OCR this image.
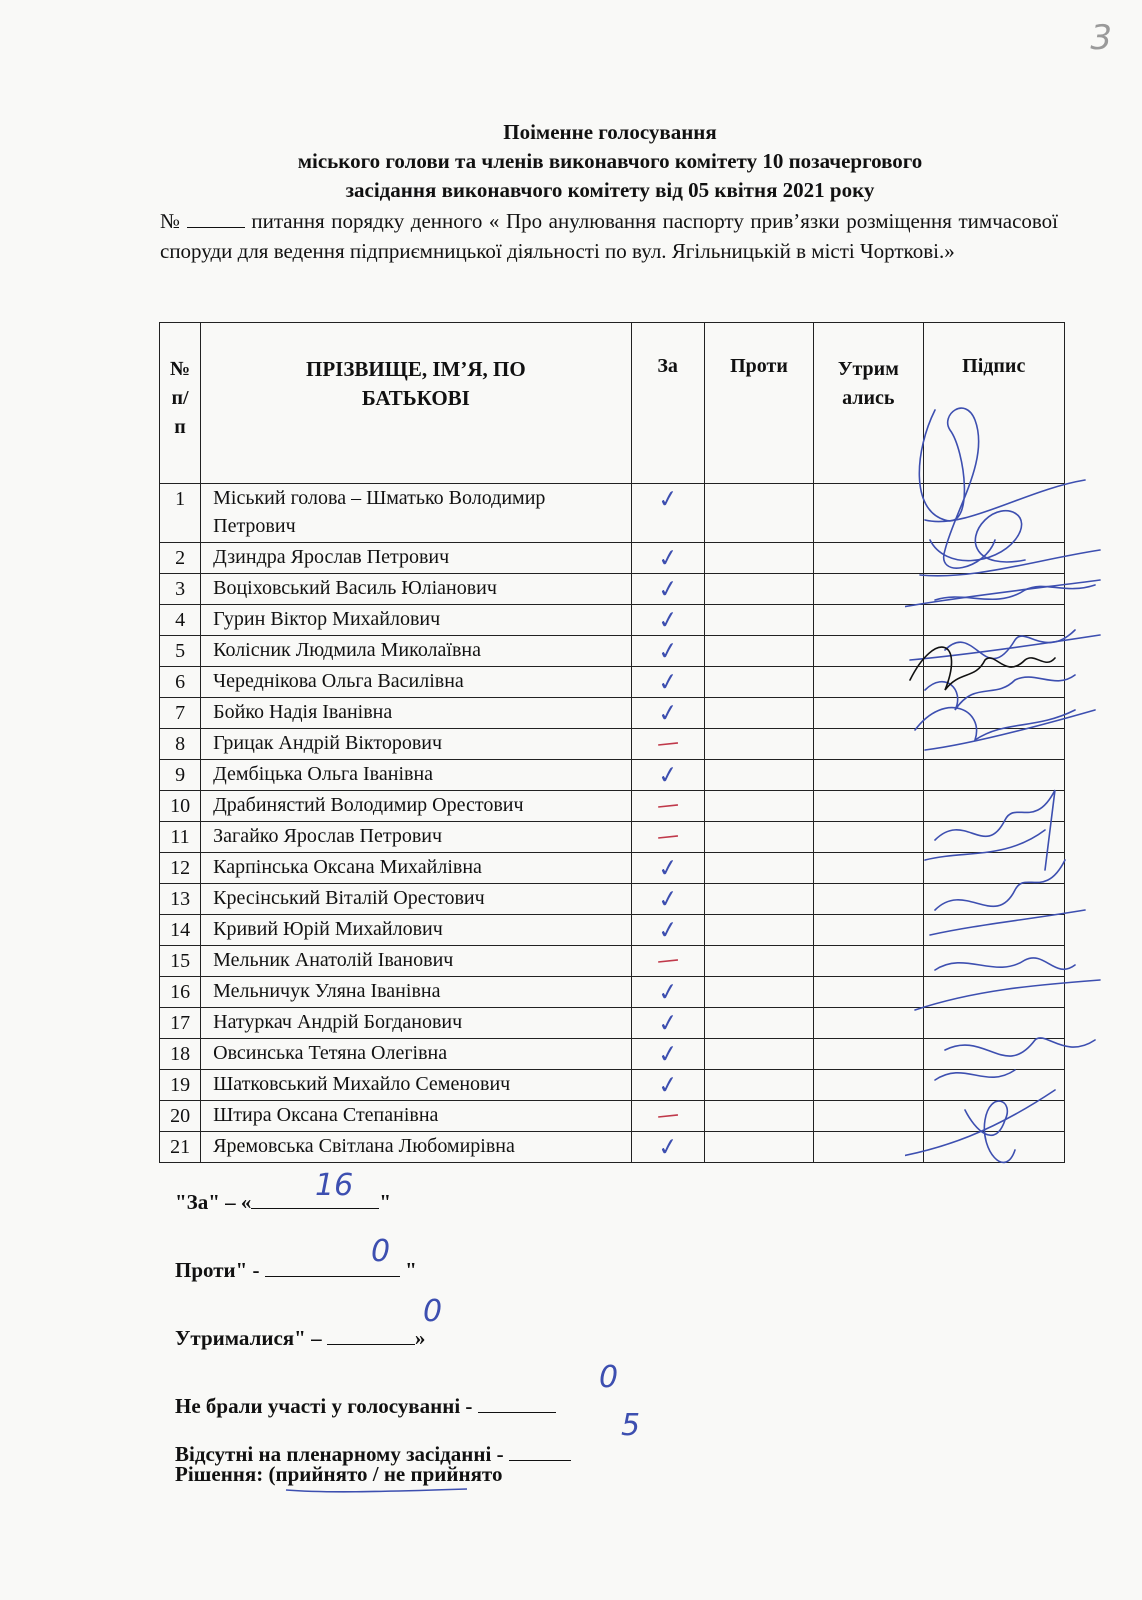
3
Поіменне голосування
міського голови та членів виконавчого комітету 10 позачергового
засідання виконавчого комітету від 05 квітня 2021 року
№	питання порядку денного « Про анулювання паспорту прив’язки розміщення тимчасової споруди для ведення підприємницької діяльності по вул. Ягільницькій в місті Чорткові.»
№ п/п	ПРІЗВИЩЕ, ІМ’Я, ПО БАТЬКОВІ	За	Проти	Утрим ались	Підпис
1	Міський голова – Шматько Володимир Петрович	✓			

2	Дзиндра Ярослав Петрович	✓			

3	Воціховський Василь Юліанович	✓			

4	Гурин Віктор Михайлович	✓			

5	Колісник Людмила Миколаївна	✓			

6	Череднікова Ольга Василівна	✓			

7	Бойко Надія Іванівна	✓			

8	Грицак Андрій Вікторович	—			

9	Дембіцька Ольга Іванівна	✓			

10	Драбинястий Володимир Орестович	—			

11	Загайко Ярослав Петрович	—			

12	Карпінська Оксана Михайлівна	✓			

13	Кресінський Віталій Орестович	✓			

14	Кривий Юрій Михайлович	✓			

15	Мельник Анатолій Іванович	—			

16	Мельничук Уляна Іванівна	✓			

17	Натуркач Андрій Богданович	✓			

18	Овсинська Тетяна Олегівна	✓			

19	Шатковський Михайло Семенович	✓			

20	Штира Оксана Степанівна	—			

21	Яремовська Світлана Любомирівна	✓			

"За" – «	"
16
Проти" -	"
0
Утрималися" –	»
0
Не брали участі у голосуванні -
0
Відсутні на пленарному засіданні -
5
Рішення: (прийнято / не прийнято
